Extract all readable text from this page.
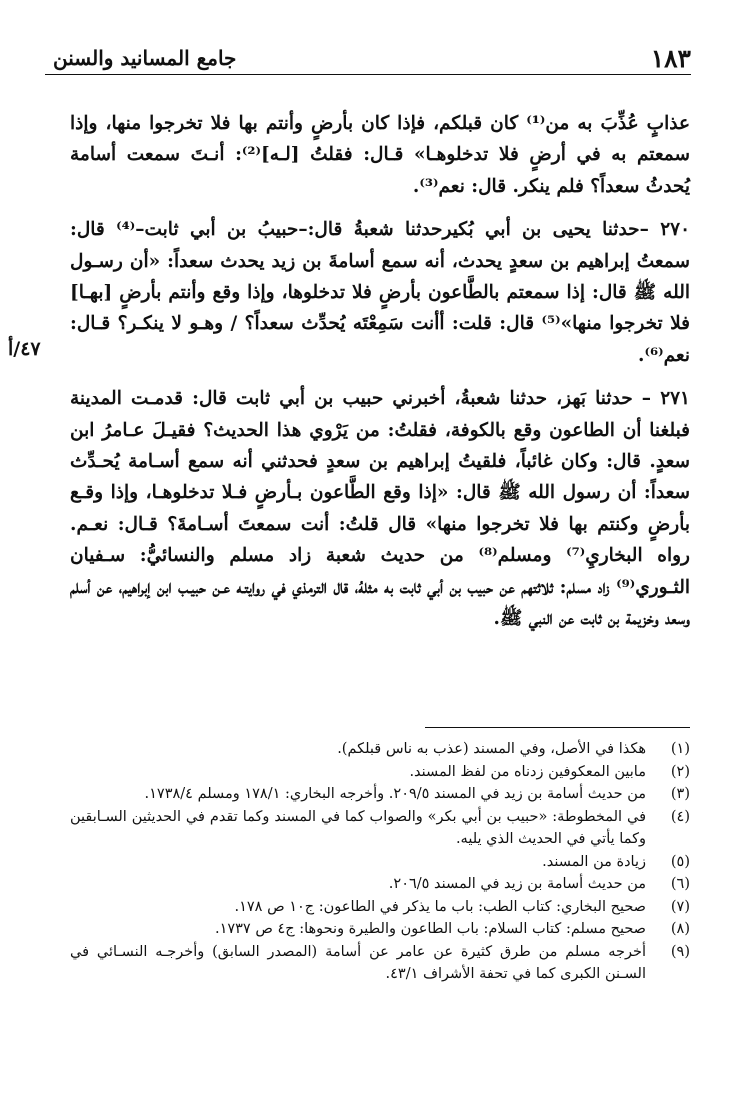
١٨٣
جامع المسانيد والسنن

عذابٍ عُذِّبَ به من⁽¹⁾ كان قبلكم، فإذا كان بأرضٍ وأنتم بها فلا تخرجوا منها، وإذا سمعتم به في أرضٍ فلا تدخلوهـا» قـال: فقلتُ [لـه]⁽²⁾: أنـتَ سمعت أسامة يُحدثُ سعداً؟ فلم ينكر. قال: نعم⁽³⁾.

٢٧٠ –حدثنا يحيى بن أبي بُكيرحدثنا شعبةُ قال:–حبيبُ بن أبي ثابت–⁽⁴⁾ قال: سمعتُ إبراهيم بن سعدٍ يحدث، أنه سمع أسامةَ بن زيد يحدث سعداً: «أن رسـول الله ﷺ قال: إذا سمعتم بالطَّاعون بأرضٍ فلا تدخلوها، وإذا وقع وأنتم بأرضٍ [بهـا] فلا تخرجوا منها»⁽⁵⁾ قال: قلت: أأنت سَمِعْتَه يُحدِّث سعداً؟ / وهـو لا ينكـر؟ قـال: نعم⁽⁶⁾.

٢٧١ – حدثنا بَهز، حدثنا شعبةُ، أخبرني حبيب بن أبي ثابت قال: قدمـت المدينة فبلغنا أن الطاعون وقع بالكوفة، فقلتُ: من يَرْوي هذا الحديث؟ فقيـلَ عـامرُ ابن سعدٍ. قال: وكان غائباً، فلقيتُ إبراهيم بن سعدٍ فحدثني أنه سمع أسـامة يُحـدِّث سعداً: أن رسول الله ﷺ قال: «إذا وقع الطَّاعون بـأرضٍ فـلا تدخلوهـا، وإذا وقـع بأرضٍ وكنتم بها فلا تخرجوا منها» قال قلتُ: أنت سمعتَ أسـامةَ؟ قـال: نعـم. رواه البخاريِ⁽⁷⁾ ومسلم⁽⁸⁾ من حديث شعبة زاد مسلم والنسائيُّ: سـفيان الثـوري⁽⁹⁾ زاد مسلم: ثلاثتهم عن حبيب بن أبي ثابت به مثلهُ، قال الترمذي في روايتـه عـن حبيـب ابن إبراهيم، عن أسلم وسعد وخزيمة بن ثابت عن النبي ﷺ.

٤٧/أ
(١)
هكذا في الأصل، وفي المسند (عذب به ناس قبلكم).
(٢)
مابين المعكوفين زدناه من لفظ المسند.
(٣)
من حديث أسامة بن زيد في المسند ٢٠٩/٥. وأخرجه البخاري: ١٧٨/١ ومسلم ١٧٣٨/٤.
(٤)
في المخطوطة: «حبيب بن أبي بكر» والصواب كما في المسند وكما تقدم في الحديثين السـابقين وكما يأتي في الحديث الذي يليه.
(٥)
زيادة من المسند.
(٦)
من حديث أسامة بن زيد في المسند ٢٠٦/٥.
(٧)
صحيح البخاري: كتاب الطب: باب ما يذكر في الطاعون: ج١٠ ص ١٧٨.
(٨)
صحيح مسلم: كتاب السلام: باب الطاعون والطيرة ونحوها: ج٤ ص ١٧٣٧.
(٩)
أخرجه مسلم من طرق كثيرة عن عامر عن أسامة (المصدر السابق) وأخرجـه النسـائي في السـنن الكبرى كما في تحفة الأشراف ٤٣/١.
